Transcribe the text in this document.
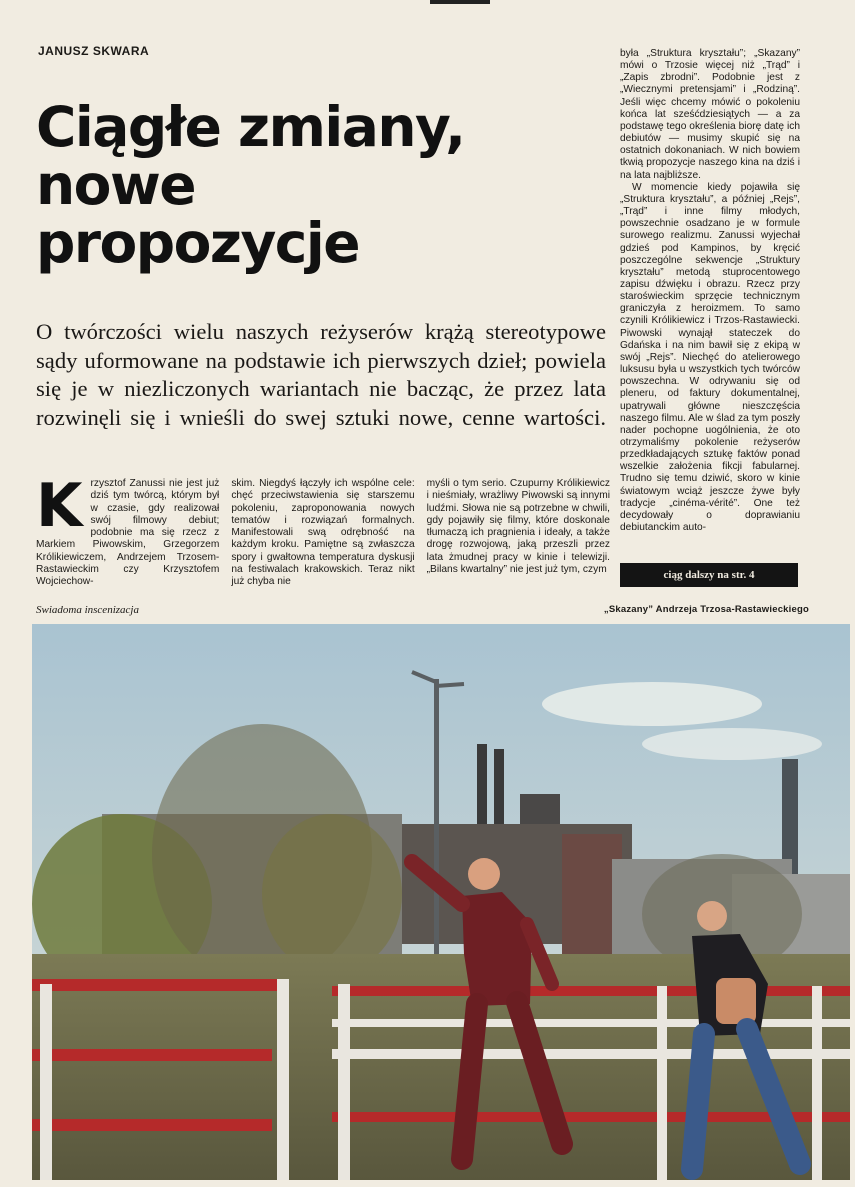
JANUSZ SKWARA
Ciągłe zmiany,
nowe
propozycje

O twórczości wielu naszych reżyserów krążą stereotypowe sądy uformowane na podstawie ich pierwszych dzieł; powiela się je w niezliczonych wariantach nie bacząc, że przez lata rozwinęli się i wnieśli do swej sztuki nowe, cenne wartości.

Krzysztof Zanussi nie jest już dziś tym twórcą, którym był w czasie, gdy realizował swój filmowy debiut; podobnie ma się rzecz z Markiem Piwowskim, Grzegorzem Królikiewiczem, Andrzejem Trzosem-Rastawieckim czy Krzysztofem Wojciechow-

skim. Niegdyś łączyły ich wspólne cele: chęć przeciwstawienia się starszemu pokoleniu, zaproponowania nowych tematów i rozwiązań formalnych. Manifestowali swą odrębność na każdym kroku. Pamiętne są zwłaszcza spory i gwałtowna temperatura dyskusji na festiwalach krakowskich. Teraz nikt już chyba nie

myśli o tym serio. Czupurny Królikiewicz i nieśmiały, wrażliwy Piwowski są innymi ludźmi. Słowa nie są potrzebne w chwili, gdy pojawiły się filmy, które doskonale tłumaczą ich pragnienia i ideały, a także drogę rozwojową, jaką przeszli przez lata żmudnej pracy w kinie i telewizji. „Bilans kwartalny” nie jest już tym, czym

była „Struktura kryształu”; „Skazany” mówi o Trzosie więcej niż „Trąd” i „Zapis zbrodni”. Podobnie jest z „Wiecznymi pretensjami” i „Rodziną”. Jeśli więc chcemy mówić o pokoleniu końca lat sześćdziesiątych — a za podstawę tego określenia biorę datę ich debiutów — musimy skupić się na ostatnich dokonaniach. W nich bowiem tkwią propozycje naszego kina na dziś i na lata najbliższe.

W momencie kiedy pojawiła się „Struktura kryształu”, a później „Rejs”, „Trąd” i inne filmy młodych, powszechnie osadzano je w formule surowego realizmu. Zanussi wyjechał gdzieś pod Kampinos, by kręcić poszczególne sekwencje „Struktury kryształu” metodą stuprocentowego zapisu dźwięku i obrazu. Rzecz przy staroświeckim sprzęcie technicznym graniczyła z heroizmem. To samo czynili Królikiewicz i Trzos-Rastawiecki. Piwowski wynajął stateczek do Gdańska i na nim bawił się z ekipą w swój „Rejs”. Niechęć do atelierowego luksusu była u wszystkich tych twórców powszechna. W odrywaniu się od pleneru, od faktury dokumentalnej, upatrywali główne nieszczęścia naszego filmu. Ale w ślad za tym poszły nader pochopne uogólnienia, że oto otrzymaliśmy pokolenie reżyserów przedkładających sztukę faktów ponad wszelkie założenia fikcji fabularnej. Trudno się temu dziwić, skoro w kinie światowym wciąż jeszcze żywe były tradycje „cinéma-vérité”. One też decydowały o doprawianiu debiutanckim auto-

ciąg dalszy na str. 4
Swiadoma inscenizacja	„Skazany” Andrzeja Trzosa-Rastawieckiego
